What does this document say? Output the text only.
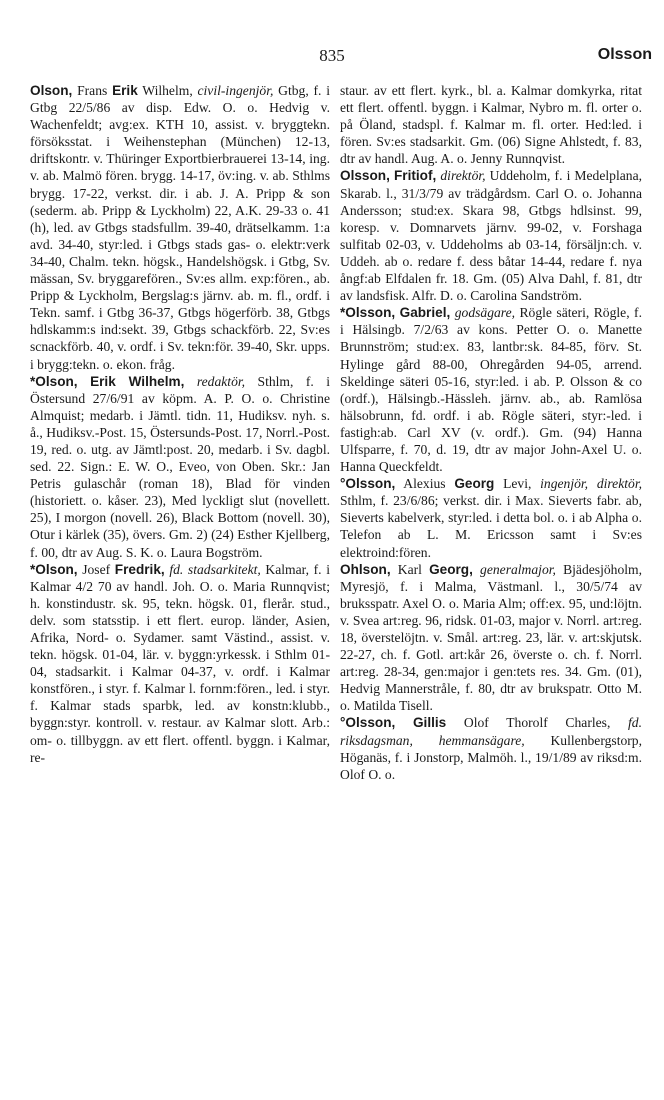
835	Olsson

Olson, Frans Erik Wilhelm, civil-ingenjör, Gtbg, f. i Gtbg 22/5/86 av disp. Edw. O. o. Hedvig v. Wachenfeldt; avg:ex. KTH 10, assist. v. bryggtekn. försöksstat. i Weihenstephan (München) 12-13, driftskontr. v. Thüringer Exportbierbrauerei 13-14, ing. v. ab. Malmö fören. brygg. 14-17, öv:ing. v. ab. Sthlms brygg. 17-22, verkst. dir. i ab. J. A. Pripp & son (sederm. ab. Pripp & Lyckholm) 22, A.K. 29-33 o. 41 (h), led. av Gtbgs stadsfullm. 39-40, drätselkamm. 1:a avd. 34-40, styr:led. i Gtbgs stads gas- o. elektr:verk 34-40, Chalm. tekn. högsk., Handelshögsk. i Gtbg, Sv. mässan, Sv. bryggarefören., Sv:es allm. exp:fören., ab. Pripp & Lyckholm, Bergslag:s järnv. ab. m. fl., ordf. i Tekn. samf. i Gtbg 36-37, Gtbgs högerförb. 38, Gtbgs hdlskamm:s ind:sekt. 39, Gtbgs schackförb. 22, Sv:es scnackförb. 40, v. ordf. i Sv. tekn:för. 39-40, Skr. upps. i brygg:tekn. o. ekon. fråg.

*Olson, Erik Wilhelm, redaktör, Sthlm, f. i Östersund 27/6/91 av köpm. A. P. O. o. Christine Almquist; medarb. i Jämtl. tidn. 11, Hudiksv. nyh. s. å., Hudiksv.-Post. 15, Östersunds-Post. 17, Norrl.-Post. 19, red. o. utg. av Jämtl:post. 20, medarb. i Sv. dagbl. sed. 22. Sign.: E. W. O., Eveo, von Oben. Skr.: Jan Petris gulaschår (roman 18), Blad för vinden (historiett. o. kåser. 23), Med lyckligt slut (novellett. 25), I morgon (novell. 26), Black Bottom (novell. 30), Otur i kärlek (35), övers. Gm. 2) (24) Esther Kjellberg, f. 00, dtr av Aug. S. K. o. Laura Bogström.

*Olson, Josef Fredrik, fd. stadsarkitekt, Kalmar, f. i Kalmar 4/2 70 av handl. Joh. O. o. Maria Runnqvist; h. konstindustr. sk. 95, tekn. högsk. 01, flerår. stud., delv. som statsstip. i ett flert. europ. länder, Asien, Afrika, Nord- o. Sydamer. samt Västind., assist. v. tekn. högsk. 01-04, lär. v. byggn:yrkessk. i Sthlm 01-04, stadsarkit. i Kalmar 04-37, v. ordf. i Kalmar konstfören., i styr. f. Kalmar l. fornm:fören., led. i styr. f. Kalmar stads sparbk, led. av konstn:klubb., byggn:styr. kontroll. v. restaur. av Kalmar slott. Arb.: om- o. tillbyggn. av ett flert. offentl. byggn. i Kalmar, re-

staur. av ett flert. kyrk., bl. a. Kalmar domkyrka, ritat ett flert. offentl. byggn. i Kalmar, Nybro m. fl. orter o. på Öland, stadspl. f. Kalmar m. fl. orter. Hed:led. i fören. Sv:es stadsarkit. Gm. (06) Signe Ahlstedt, f. 83, dtr av handl. Aug. A. o. Jenny Runnqvist.

Olsson, Fritiof, direktör, Uddeholm, f. i Medelplana, Skarab. l., 31/3/79 av trädgårdsm. Carl O. o. Johanna Andersson; stud:ex. Skara 98, Gtbgs hdlsinst. 99, koresp. v. Domnarvets järnv. 99-02, v. Forshaga sulfitab 02-03, v. Uddeholms ab 03-14, försäljn:ch. v. Uddeh. ab o. redare f. dess båtar 14-44, redare f. nya ångf:ab Elfdalen fr. 18. Gm. (05) Alva Dahl, f. 81, dtr av landsfisk. Alfr. D. o. Carolina Sandström.

*Olsson, Gabriel, godsägare, Rögle säteri, Rögle, f. i Hälsingb. 7/2/63 av kons. Petter O. o. Manette Brunnström; stud:ex. 83, lantbr:sk. 84-85, förv. St. Hylinge gård 88-00, Ohregården 94-05, arrend. Skeldinge säteri 05-16, styr:led. i ab. P. Olsson & co (ordf.), Hälsingb.-Hässleh. järnv. ab., ab. Ramlösa hälsobrunn, fd. ordf. i ab. Rögle säteri, styr:-led. i fastigh:ab. Carl XV (v. ordf.). Gm. (94) Hanna Ulfsparre, f. 70, d. 19, dtr av major John-Axel U. o. Hanna Queckfeldt.

°Olsson, Alexius Georg Levi, ingenjör, direktör, Sthlm, f. 23/6/86; verkst. dir. i Max. Sieverts fabr. ab, Sieverts kabelverk, styr:led. i detta bol. o. i ab Alpha o. Telefon ab L. M. Ericsson samt i Sv:es elektroind:fören.

Ohlson, Karl Georg, generalmajor, Bjädesjöholm, Myresjö, f. i Malma, Västmanl. l., 30/5/74 av bruksspatr. Axel O. o. Maria Alm; off:ex. 95, und:löjtn. v. Svea art:reg. 96, ridsk. 01-03, major v. Norrl. art:reg. 18, överstelöjtn. v. Smål. art:reg. 23, lär. v. art:skjutsk. 22-27, ch. f. Gotl. art:kår 26, överste o. ch. f. Norrl. art:reg. 28-34, gen:major i gen:tets res. 34. Gm. (01), Hedvig Mannerstråle, f. 80, dtr av brukspatr. Otto M. o. Matilda Tisell.

°Olsson, Gillis Olof Thorolf Charles, fd. riksdagsman, hemmansägare, Kullenbergstorp, Höganäs, f. i Jonstorp, Malmöh. l., 19/1/89 av riksd:m. Olof O. o.
